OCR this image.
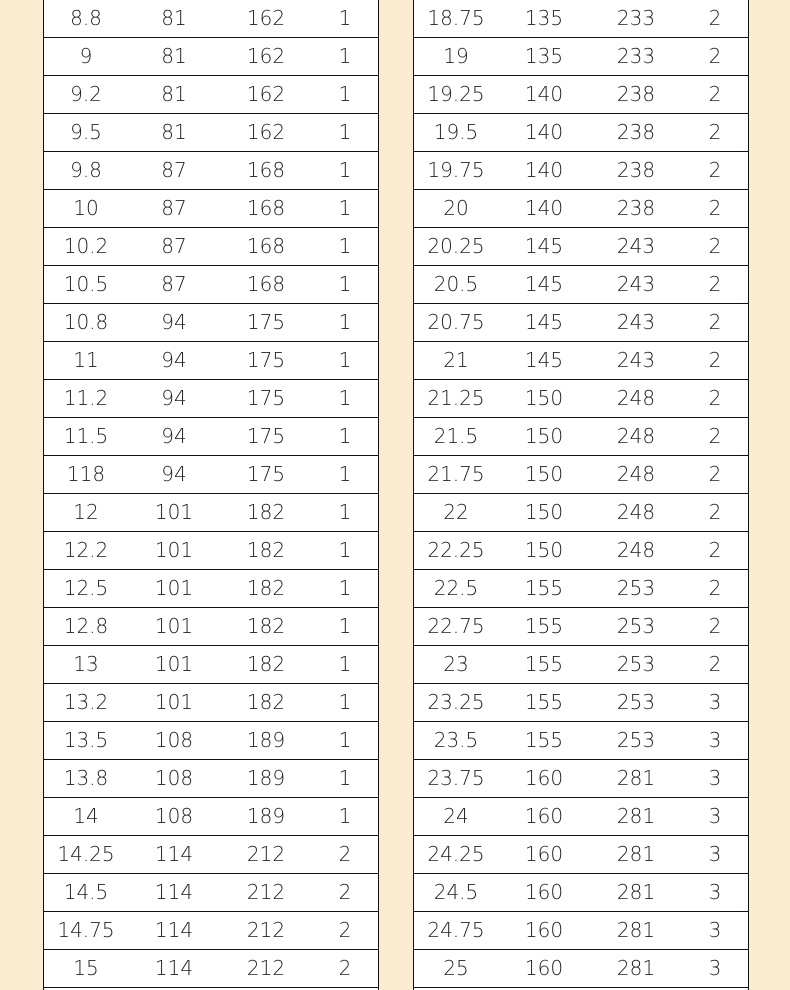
8.8	81	162	1
9	81	162	1
9.2	81	162	1
9.5	81	162	1
9.8	87	168	1
10	87	168	1
10.2	87	168	1
10.5	87	168	1
10.8	94	175	1
11	94	175	1
11.2	94	175	1
11.5	94	175	1
118	94	175	1
12	101	182	1
12.2	101	182	1
12.5	101	182	1
12.8	101	182	1
13	101	182	1
13.2	101	182	1
13.5	108	189	1
13.8	108	189	1
14	108	189	1
14.25	114	212	2
14.5	114	212	2
14.75	114	212	2
15	114	212	2
18.75	135	233	2
19	135	233	2
19.25	140	238	2
19.5	140	238	2
19.75	140	238	2
20	140	238	2
20.25	145	243	2
20.5	145	243	2
20.75	145	243	2
21	145	243	2
21.25	150	248	2
21.5	150	248	2
21.75	150	248	2
22	150	248	2
22.25	150	248	2
22.5	155	253	2
22.75	155	253	2
23	155	253	2
23.25	155	253	3
23.5	155	253	3
23.75	160	281	3
24	160	281	3
24.25	160	281	3
24.5	160	281	3
24.75	160	281	3
25	160	281	3
